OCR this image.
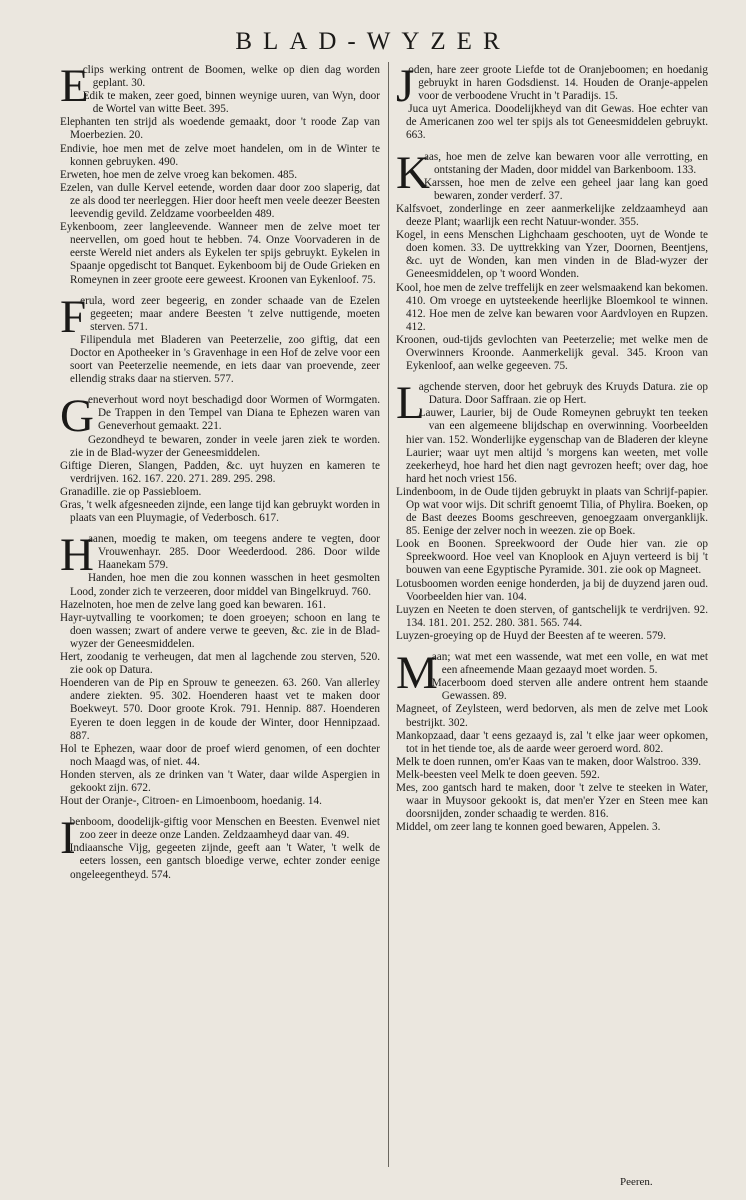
BLAD-WYZER
E

clips werking ontrent de Boomen, welke op dien dag worden geplant. 30.

Edik te maken, zeer goed, binnen weynige uuren, van Wyn, door de Wortel van witte Beet. 395.

Elephanten ten strijd als woedende gemaakt, door 't roode Zap van Moerbezien. 20.

Endivie, hoe men met de zelve moet handelen, om in de Winter te konnen gebruyken. 490.

Erweten, hoe men de zelve vroeg kan bekomen. 485.

Ezelen, van dulle Kervel eetende, worden daar door zoo slaperig, dat ze als dood ter neerleggen. Hier door heeft men veele deezer Beesten leevendig gevild. Zeldzame voorbeelden 489.

Eykenboom, zeer langleevende. Wanneer men de zelve moet ter neervellen, om goed hout te hebben. 74. Onze Voorvaderen in de eerste Wereld niet anders als Eykelen ter spijs gebruykt. Eykelen in Spaanje opgedischt tot Banquet. Eykenboom bij de Oude Grieken en Romeynen in zeer groote eere geweest. Kroonen van Eykenloof. 75.

F

erula, word zeer begeerig, en zonder schaade van de Ezelen gegeeten; maar andere Beesten 't zelve nuttigende, moeten sterven. 571.

Filipendula met Bladeren van Peeterzelie, zoo giftig, dat een Doctor en Apotheeker in 's Gravenhage in een Hof de zelve voor een soort van Peeterzelie neemende, en iets daar van proevende, zeer ellendig straks daar na stierven. 577.

G

eneverhout word noyt beschadigd door Wormen of Wormgaten. De Trappen in den Tempel van Diana te Ephezen waren van Geneverhout gemaakt. 221.

Gezondheyd te bewaren, zonder in veele jaren ziek te worden. zie in de Blad-wyzer der Geneesmiddelen.

Giftige Dieren, Slangen, Padden, &c. uyt huyzen en kameren te verdrijven. 162. 167. 220. 271. 289. 295. 298.

Granadille. zie op Passiebloem.

Gras, 't welk afgesneeden zijnde, een lange tijd kan gebruykt worden in plaats van een Pluymagie, of Vederbosch. 617.

H

aanen, moedig te maken, om teegens andere te vegten, door Vrouwenhayr. 285. Door Weederdood. 286. Door wilde Haanekam 579.

Handen, hoe men die zou konnen wasschen in heet gesmolten Lood, zonder zich te verzeeren, door middel van Bingelkruyd. 760.

Hazelnoten, hoe men de zelve lang goed kan bewaren. 161.

Hayr-uytvalling te voorkomen; te doen groeyen; schoon en lang te doen wassen; zwart of andere verwe te geeven, &c. zie in de Blad-wyzer der Geneesmiddelen.

Hert, zoodanig te verheugen, dat men al lagchende zou sterven, 520. zie ook op Datura.

Hoenderen van de Pip en Sprouw te geneezen. 63. 260. Van allerley andere ziekten. 95. 302. Hoenderen haast vet te maken door Boekweyt. 570. Door groote Krok. 791. Hennip. 887. Hoenderen Eyeren te doen leggen in de koude der Winter, door Hennipzaad. 887.

Hol te Ephezen, waar door de proef wierd genomen, of een dochter noch Maagd was, of niet. 44.

Honden sterven, als ze drinken van 't Water, daar wilde Aspergien in gekookt zijn. 672.

Hout der Oranje-, Citroen- en Limoenboom, hoedanig. 14.

I

benboom, doodelijk-giftig voor Menschen en Beesten. Evenwel niet zoo zeer in deeze onze Landen. Zeldzaamheyd daar van. 49.

Indiaansche Vijg, gegeeten zijnde, geeft aan 't Water, 't welk de eeters lossen, een gantsch bloedige verwe, echter zonder eenige ongeleegentheyd. 574.

J

oden, hare zeer groote Liefde tot de Oranjeboomen; en hoedanig gebruykt in haren Godsdienst. 14. Houden de Oranje-appelen voor de verboodene Vrucht in 't Paradijs. 15.

Juca uyt America. Doodelijkheyd van dit Gewas. Hoe echter van de Americanen zoo wel ter spijs als tot Geneesmiddelen gebruykt. 663.

K

aas, hoe men de zelve kan bewaren voor alle verrotting, en ontstaning der Maden, door middel van Barkenboom. 133.

Karssen, hoe men de zelve een geheel jaar lang kan goed bewaren, zonder verderf. 37.

Kalfsvoet, zonderlinge en zeer aanmerkelijke zeldzaamheyd aan deeze Plant; waarlijk een recht Natuur-wonder. 355.

Kogel, in eens Menschen Lighchaam geschooten, uyt de Wonde te doen komen. 33. De uyttrekking van Yzer, Doornen, Beentjens, &c. uyt de Wonden, kan men vinden in de Blad-wyzer der Geneesmiddelen, op 't woord Wonden.

Kool, hoe men de zelve treffelijk en zeer welsmaakend kan bekomen. 410. Om vroege en uytsteekende heerlijke Bloemkool te winnen. 412. Hoe men de zelve kan bewaren voor Aardvloyen en Rupzen. 412.

Kroonen, oud-tijds gevlochten van Peeterzelie; met welke men de Overwinners Kroonde. Aanmerkelijk geval. 345. Kroon van Eykenloof, aan welke gegeeven. 75.

L

agchende sterven, door het gebruyk des Kruyds Datura. zie op Datura. Door Saffraan. zie op Hert.

Lauwer, Laurier, bij de Oude Romeynen gebruykt ten teeken van een algemeene blijdschap en overwinning. Voorbeelden hier van. 152. Wonderlijke eygenschap van de Bladeren der kleyne Laurier; waar uyt men altijd 's morgens kan weeten, met volle zeekerheyd, hoe hard het dien nagt gevrozen heeft; over dag, hoe hard het noch vriest 156.

Lindenboom, in de Oude tijden gebruykt in plaats van Schrijf-papier. Op wat voor wijs. Dit schrift genoemt Tilia, of Phylira. Boeken, op de Bast deezes Booms geschreeven, genoegzaam onverganklijk. 85. Eenige der zelver noch in weezen. zie op Boek.

Look en Boonen. Spreekwoord der Oude hier van. zie op Spreekwoord. Hoe veel van Knoplook en Ajuyn verteerd is bij 't bouwen van eene Egyptische Pyramide. 301. zie ook op Magneet.

Lotusboomen worden eenige honderden, ja bij de duyzend jaren oud. Voorbeelden hier van. 104.

Luyzen en Neeten te doen sterven, of gantschelijk te verdrijven. 92. 134. 181. 201. 252. 280. 381. 565. 744.

Luyzen-groeying op de Huyd der Beesten af te weeren. 579.

M

aan; wat met een wassende, wat met een volle, en wat met een afneemende Maan gezaayd moet worden. 5.

Macerboom doed sterven alle andere ontrent hem staande Gewassen. 89.

Magneet, of Zeylsteen, werd bedorven, als men de zelve met Look bestrijkt. 302.

Mankopzaad, daar 't eens gezaayd is, zal 't elke jaar weer opkomen, tot in het tiende toe, als de aarde weer geroerd word. 802.

Melk te doen runnen, om'er Kaas van te maken, door Walstroo. 339.

Melk-beesten veel Melk te doen geeven. 592.

Mes, zoo gantsch hard te maken, door 't zelve te steeken in Water, waar in Muysoor gekookt is, dat men'er Yzer en Steen mee kan doorsnijden, zonder schaadig te werden. 816.

Middel, om zeer lang te konnen goed bewaren, Appelen. 3.

Peeren.
